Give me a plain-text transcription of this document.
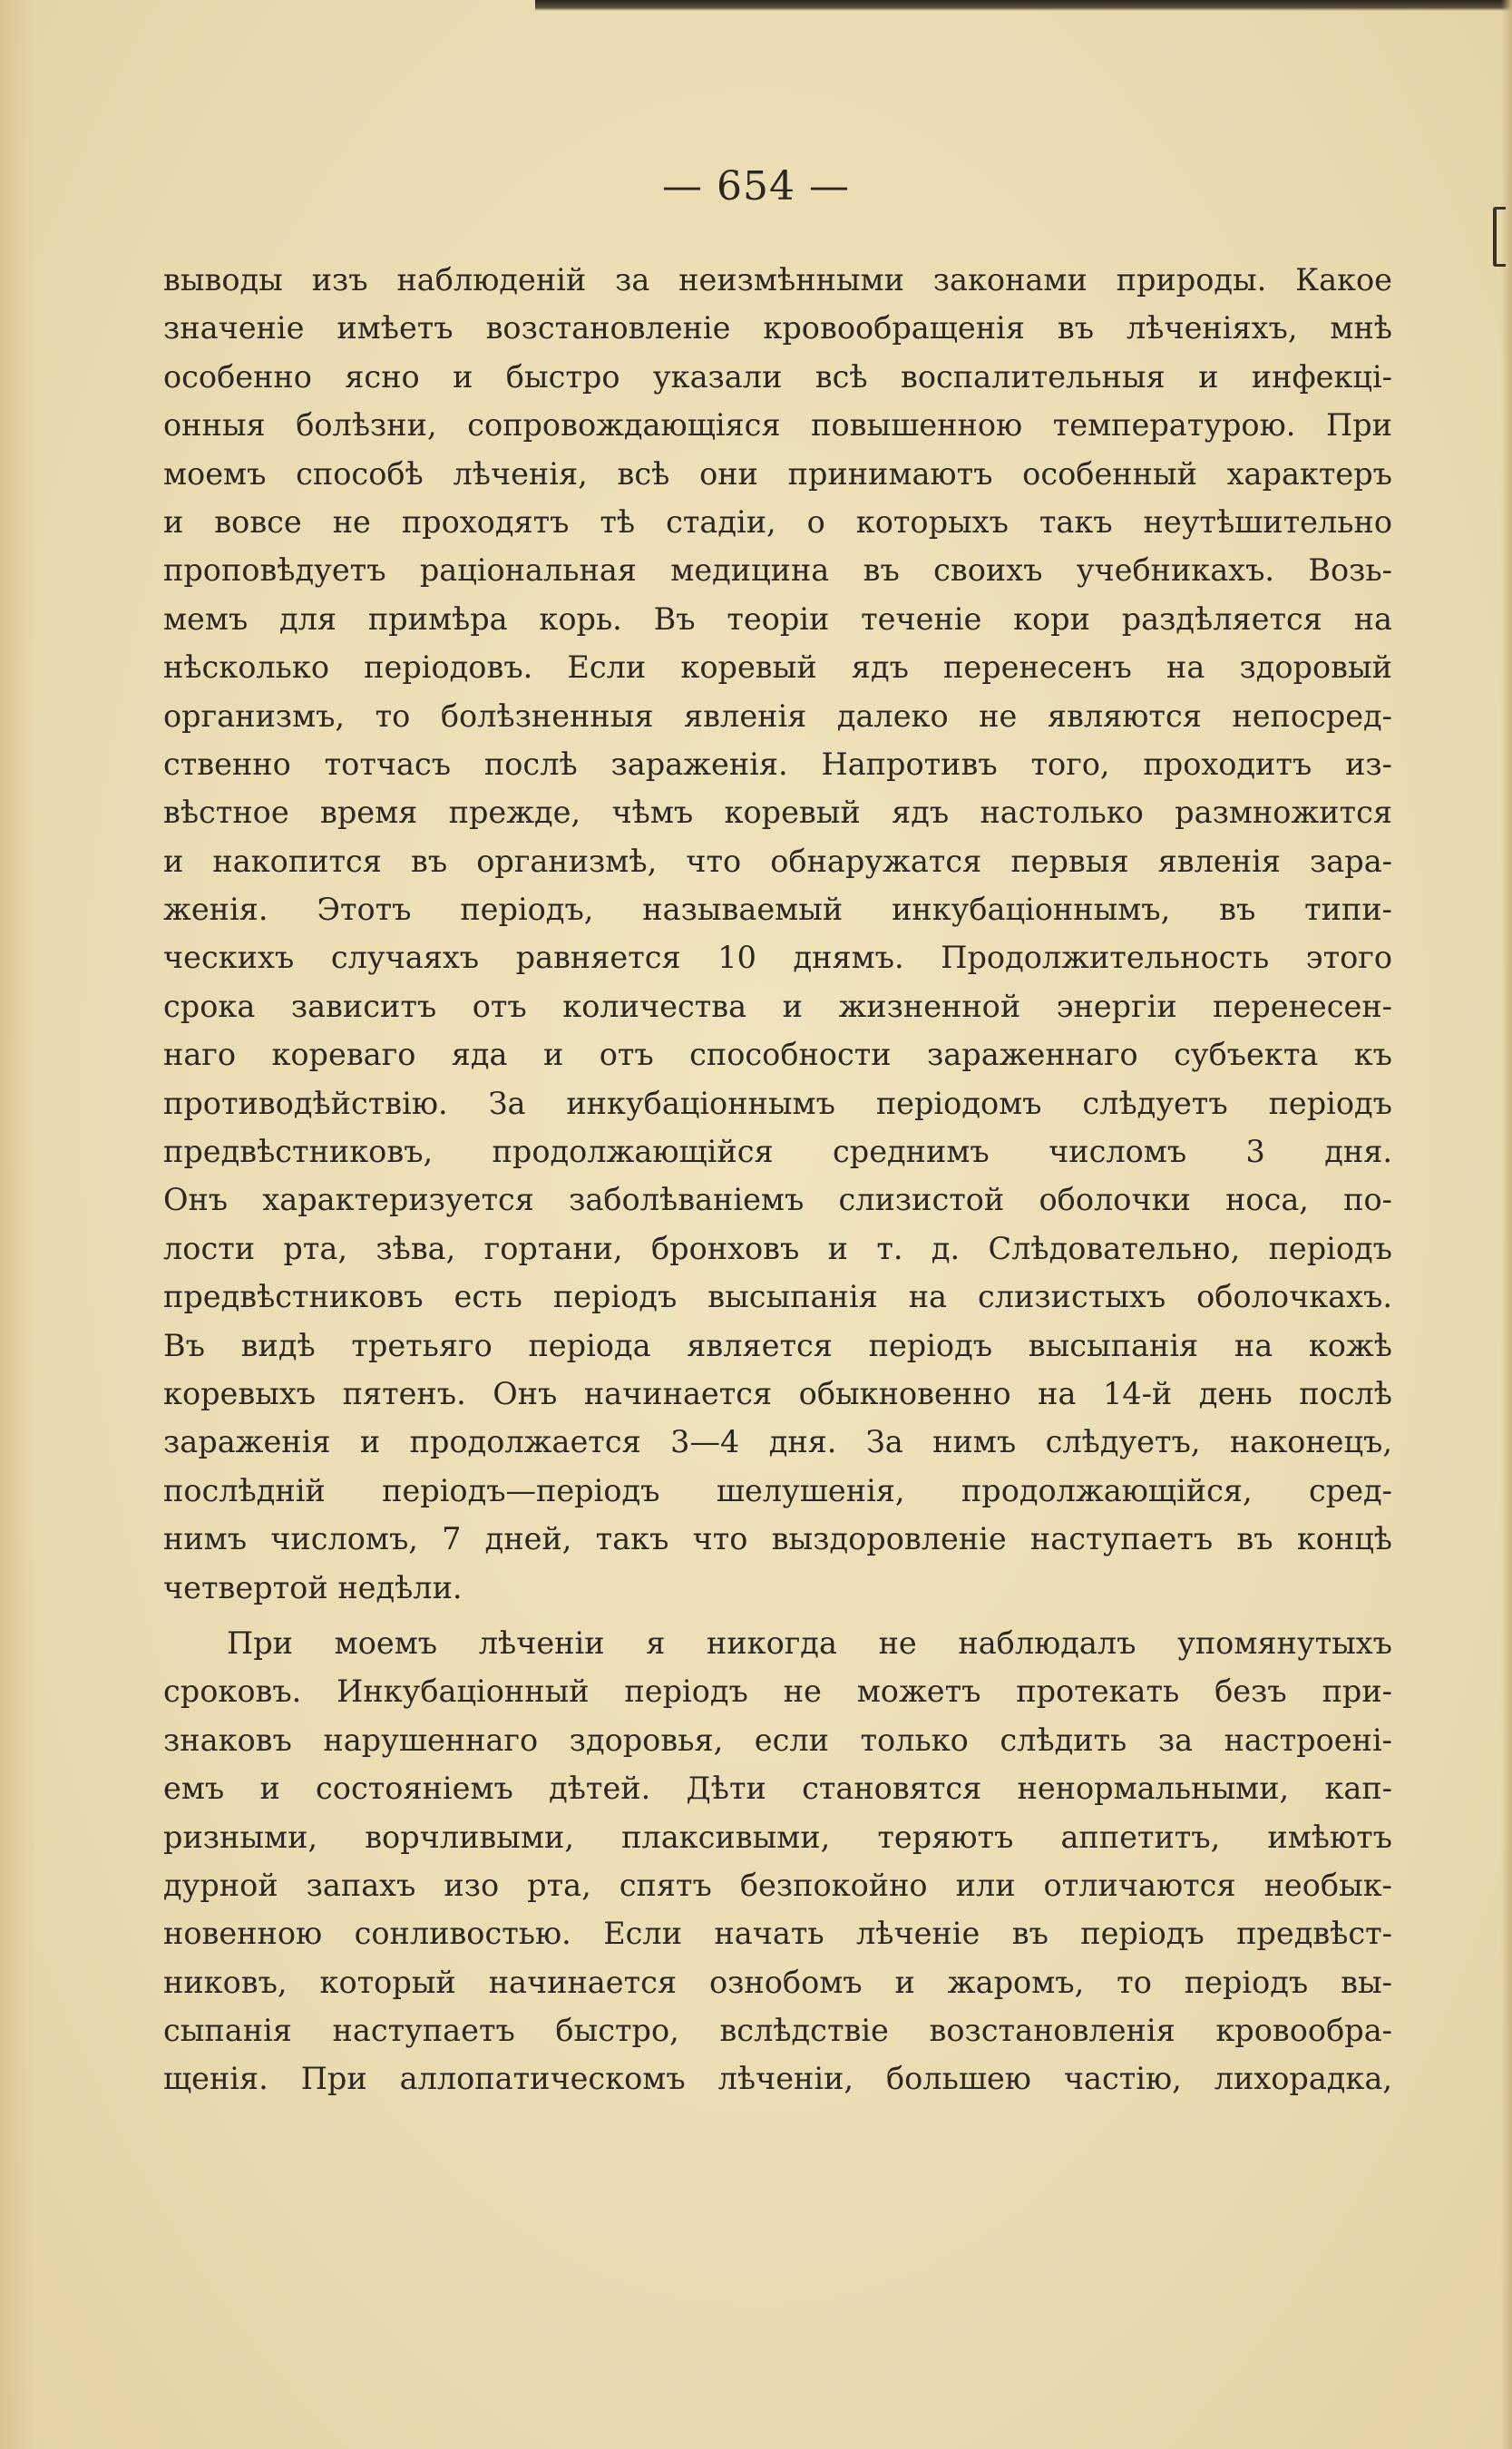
— 654 —
выводы изъ наблюденій за неизмѣнными законами природы. Какое
значеніе имѣетъ возстановленіе кровообращенія въ лѣченіяхъ, мнѣ
особенно ясно и быстро указали всѣ воспалительныя и инфекці-
онныя болѣзни, сопровождающіяся повышенною температурою. При
моемъ способѣ лѣченія, всѣ они принимаютъ особенный характеръ
и вовсе не проходятъ тѣ стадіи, о которыхъ такъ неутѣшительно
проповѣдуетъ раціональная медицина въ своихъ учебникахъ. Возь-
мемъ для примѣра корь. Въ теоріи теченіе кори раздѣляется на
нѣсколько періодовъ. Если коревый ядъ перенесенъ на здоровый
организмъ, то болѣзненныя явленія далеко не являются непосред-
ственно тотчасъ послѣ зараженія. Напротивъ того, проходитъ из-
вѣстное время прежде, чѣмъ коревый ядъ настолько размножится
и накопится въ организмѣ, что обнаружатся первыя явленія зара-
женія. Этотъ періодъ, называемый инкубаціоннымъ, въ типи-
ческихъ случаяхъ равняется 10 днямъ. Продолжительность этого
срока зависитъ отъ количества и жизненной энергіи перенесен-
наго кореваго яда и отъ способности зараженнаго субъекта къ
противодѣйствію. За инкубаціоннымъ періодомъ слѣдуетъ періодъ
предвѣстниковъ, продолжающійся среднимъ числомъ 3 дня.
Онъ характеризуется заболѣваніемъ слизистой оболочки носа, по-
лости рта, зѣва, гортани, бронховъ и т. д. Слѣдовательно, періодъ
предвѣстниковъ есть періодъ высыпанія на слизистыхъ оболочкахъ.
Въ видѣ третьяго періода является періодъ высыпанія на кожѣ
коревыхъ пятенъ. Онъ начинается обыкновенно на 14-й день послѣ
зараженія и продолжается 3—4 дня. За нимъ слѣдуетъ, наконецъ,
послѣдній періодъ—періодъ шелушенія, продолжающійся, сред-
нимъ числомъ, 7 дней, такъ что выздоровленіе наступаетъ въ концѣ
четвертой недѣли.
При моемъ лѣченіи я никогда не наблюдалъ упомянутыхъ
сроковъ. Инкубаціонный періодъ не можетъ протекать безъ при-
знаковъ нарушеннаго здоровья, если только слѣдить за настроені-
емъ и состояніемъ дѣтей. Дѣти становятся ненормальными, кап-
ризными, ворчливыми, плаксивыми, теряютъ аппетитъ, имѣютъ
дурной запахъ изо рта, спятъ безпокойно или отличаются необык-
новенною сонливостью. Если начать лѣченіе въ періодъ предвѣст-
никовъ, который начинается ознобомъ и жаромъ, то періодъ вы-
сыпанія наступаетъ быстро, вслѣдствіе возстановленія кровообра-
щенія. При аллопатическомъ лѣченіи, большею частію, лихорадка,
